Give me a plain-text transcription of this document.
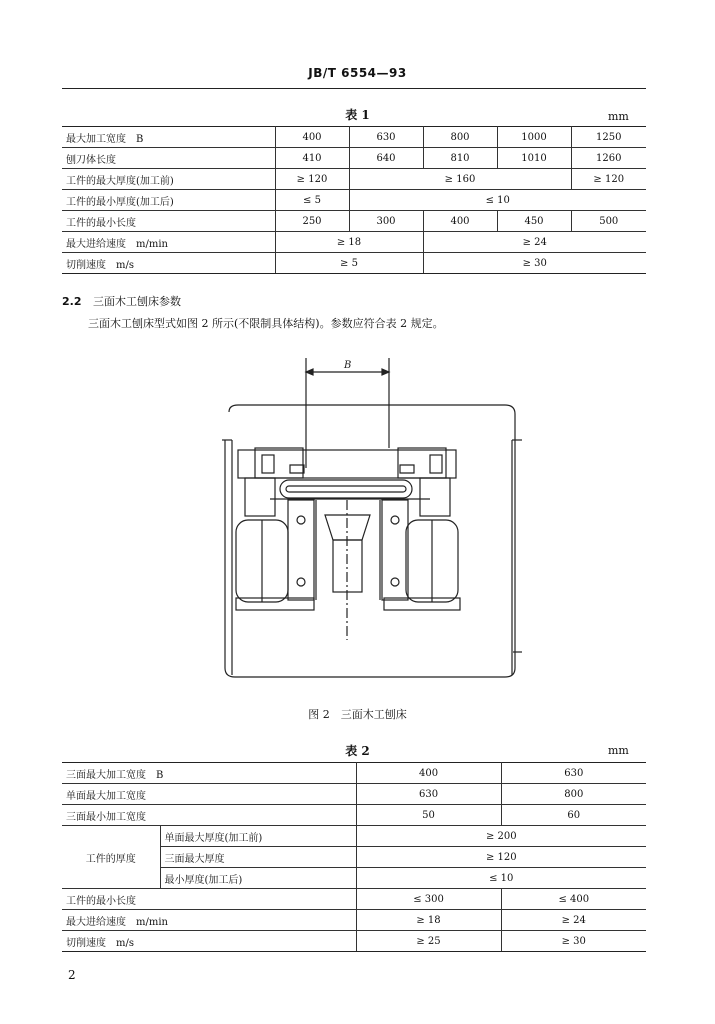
JB/T 6554—93
表 1	mm
最大加工宽度　B	400	630	800	1000	1250
刨刀体长度	410	640	810	1010	1260
工件的最大厚度(加工前)	≥ 120	≥ 160			≥ 120
工件的最小厚度(加工后)	≤ 5	≤ 10			
工件的最小长度	250	300	400	450	500
最大进给速度　m/min	≥ 18		≥ 24		
切削速度　m/s	≥ 5		≥ 30		
2.2 三面木工刨床参数
三面木工刨床型式如图 2 所示(不限制具体结构)。参数应符合表 2 规定。
B
图 2　三面木工刨床
表 2	mm
三面最大加工宽度　B		400	630
单面最大加工宽度		630	800
三面最小加工宽度		50	60
工件的厚度	单面最大厚度(加工前)	≥ 200	
	三面最大厚度	≥ 120	
	最小厚度(加工后)	≤ 10	
工件的最小长度		≤ 300	≤ 400
最大进给速度　m/min		≥ 18	≥ 24
切削速度　m/s		≥ 25	≥ 30
2
